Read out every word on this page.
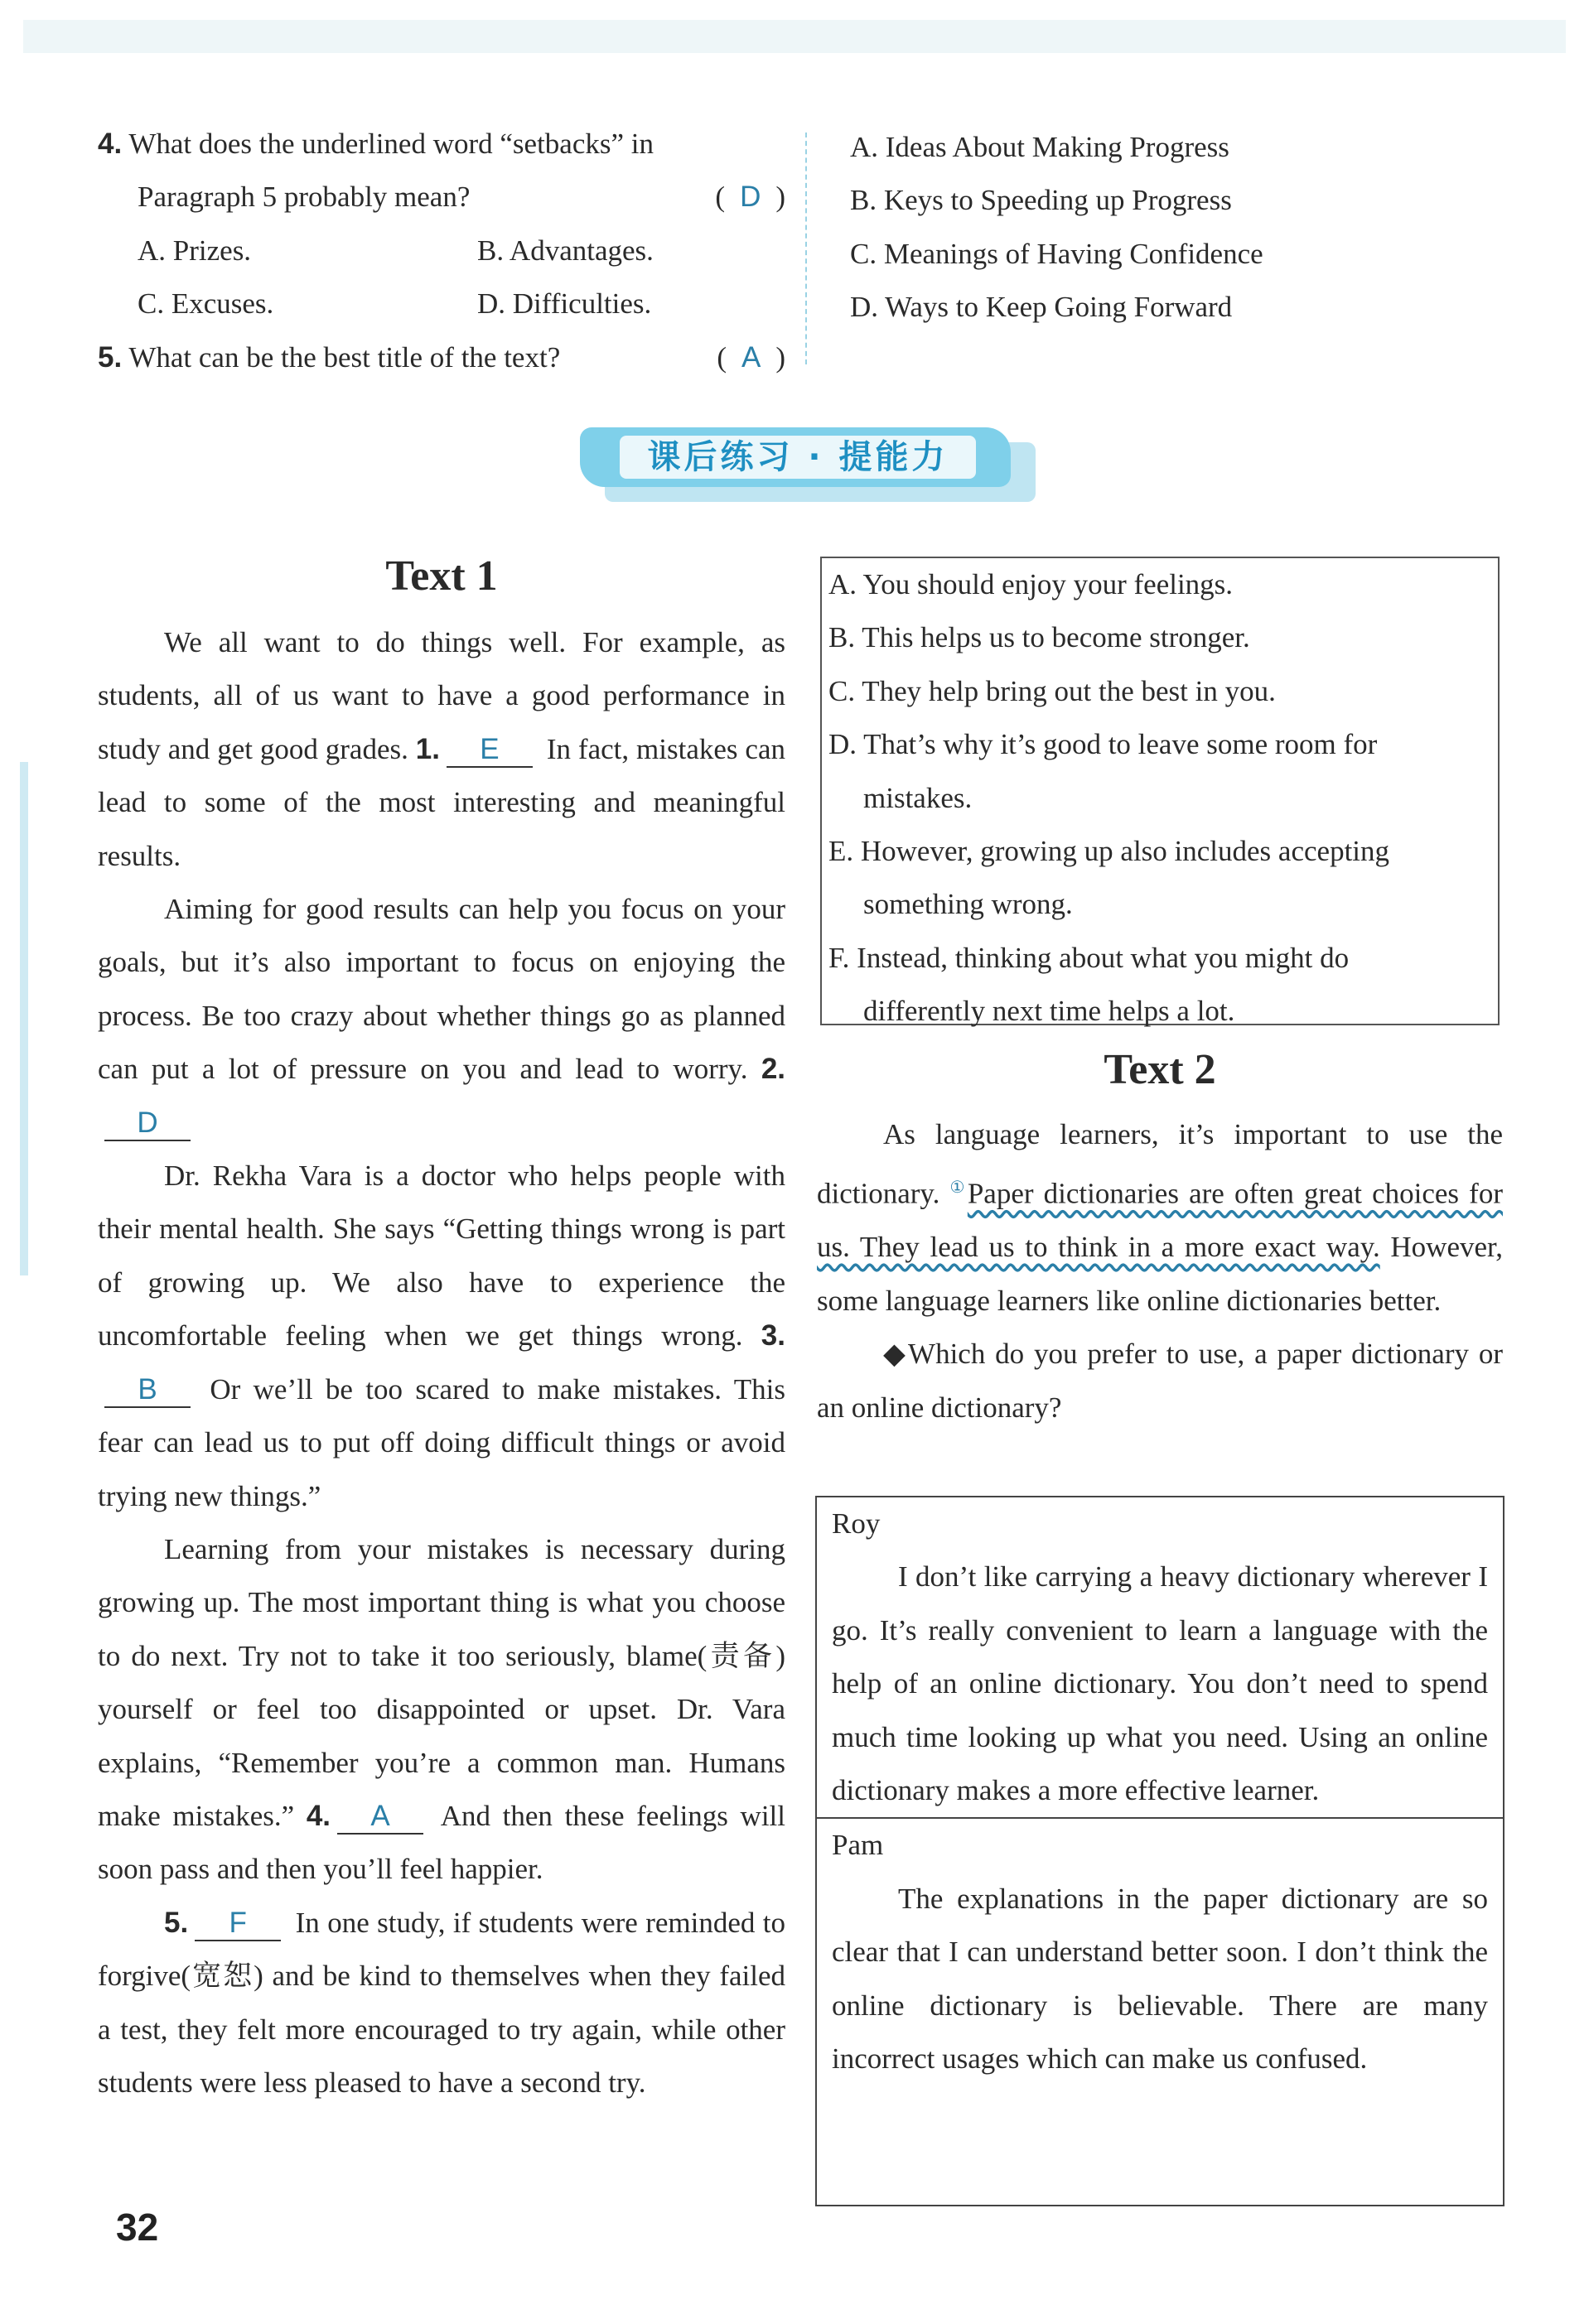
4. What does the underlined word “setbacks” in
Paragraph 5 probably mean?	( D )
A. Prizes.	B. Advantages.
C. Excuses.	D. Difficulties.
5. What can be the best title of the text?	( A )
A. Ideas About Making Progress
B. Keys to Speeding up Progress
C. Meanings of Having Confidence
D. Ways to Keep Going Forward
课后练习 · 提能力
Text 1
We all want to do things well. For example, as students, all of us want to have a good performance in study and get good grades. 1. E In fact, mistakes can lead to some of the most interesting and meaningful results.
Aiming for good results can help you focus on your goals, but it’s also important to focus on enjoying the process. Be too crazy about whether things go as planned can put a lot of pressure on you and lead to worry. 2.D
Dr. Rekha Vara is a doctor who helps people with their mental health. She says “Getting things wrong is part of growing up. We also have to experience the uncomfortable feeling when we get things wrong. 3.B Or we’ll be too scared to make mistakes. This fear can lead us to put off doing difficult things or avoid trying new things.”
Learning from your mistakes is necessary during growing up. The most important thing is what you choose to do next. Try not to take it too seriously, blame(责备) yourself or feel too disappointed or upset. Dr. Vara explains, “Remember you’re a common man. Humans make mistakes.” 4. A And then these feelings will soon pass and then you’ll feel happier.
5. F In one study, if students were reminded to forgive(宽恕) and be kind to themselves when they failed a test, they felt more encouraged to try again, while other students were less pleased to have a second try.
A. You should enjoy your feelings.
B. This helps us to become stronger.
C. They help bring out the best in you.
D. That’s why it’s good to leave some room for
mistakes.
E. However, growing up also includes accepting
something wrong.
F. Instead, thinking about what you might do
differently next time helps a lot.
Text 2
As language learners, it’s important to use the dictionary. ①Paper dictionaries are often great choices for us. They lead us to think in a more exact way. However, some language learners like online dictionaries better.
◆Which do you prefer to use, a paper dictionary or an online dictionary?
Roy
I don’t like carrying a heavy dictionary wherever I go. It’s really convenient to learn a language with the help of an online dictionary. You don’t need to spend much time looking up what you need. Using an online dictionary makes a more effective learner.
Pam
The explanations in the paper dictionary are so clear that I can understand better soon. I don’t think the online dictionary is believable. There are many incorrect usages which can make us confused.
32
